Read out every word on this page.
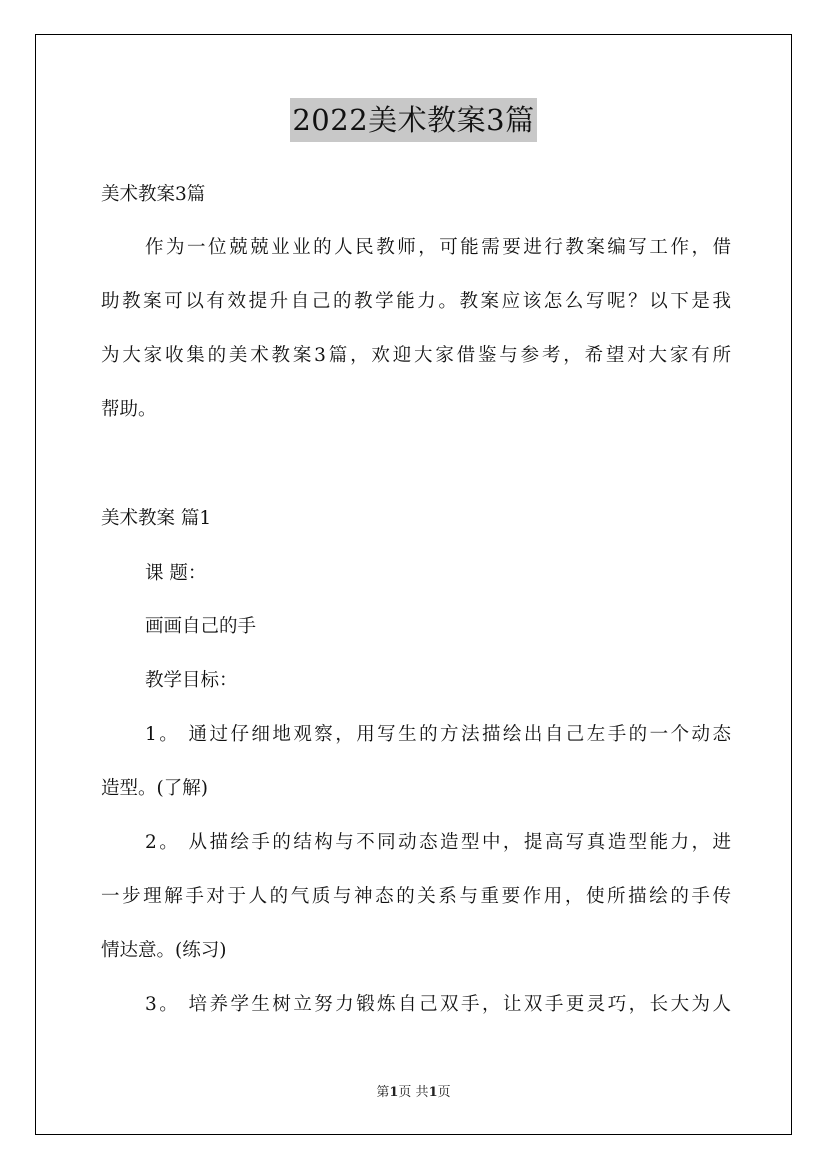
2022美术教案3篇
美术教案3篇
作为一位兢兢业业的人民教师，可能需要进行教案编写工作，借
助教案可以有效提升自己的教学能力。教案应该怎么写呢？以下是我
为大家收集的美术教案3篇，欢迎大家借鉴与参考，希望对大家有所
帮助。
美术教案 篇1
课 题：
画画自己的手
教学目标：
1。 通过仔细地观察，用写生的方法描绘出自己左手的一个动态
造型。(了解)
2。 从描绘手的结构与不同动态造型中，提高写真造型能力，进
一步理解手对于人的气质与神态的关系与重要作用，使所描绘的手传
情达意。(练习)
3。 培养学生树立努力锻炼自己双手，让双手更灵巧，长大为人
第1页 共1页
